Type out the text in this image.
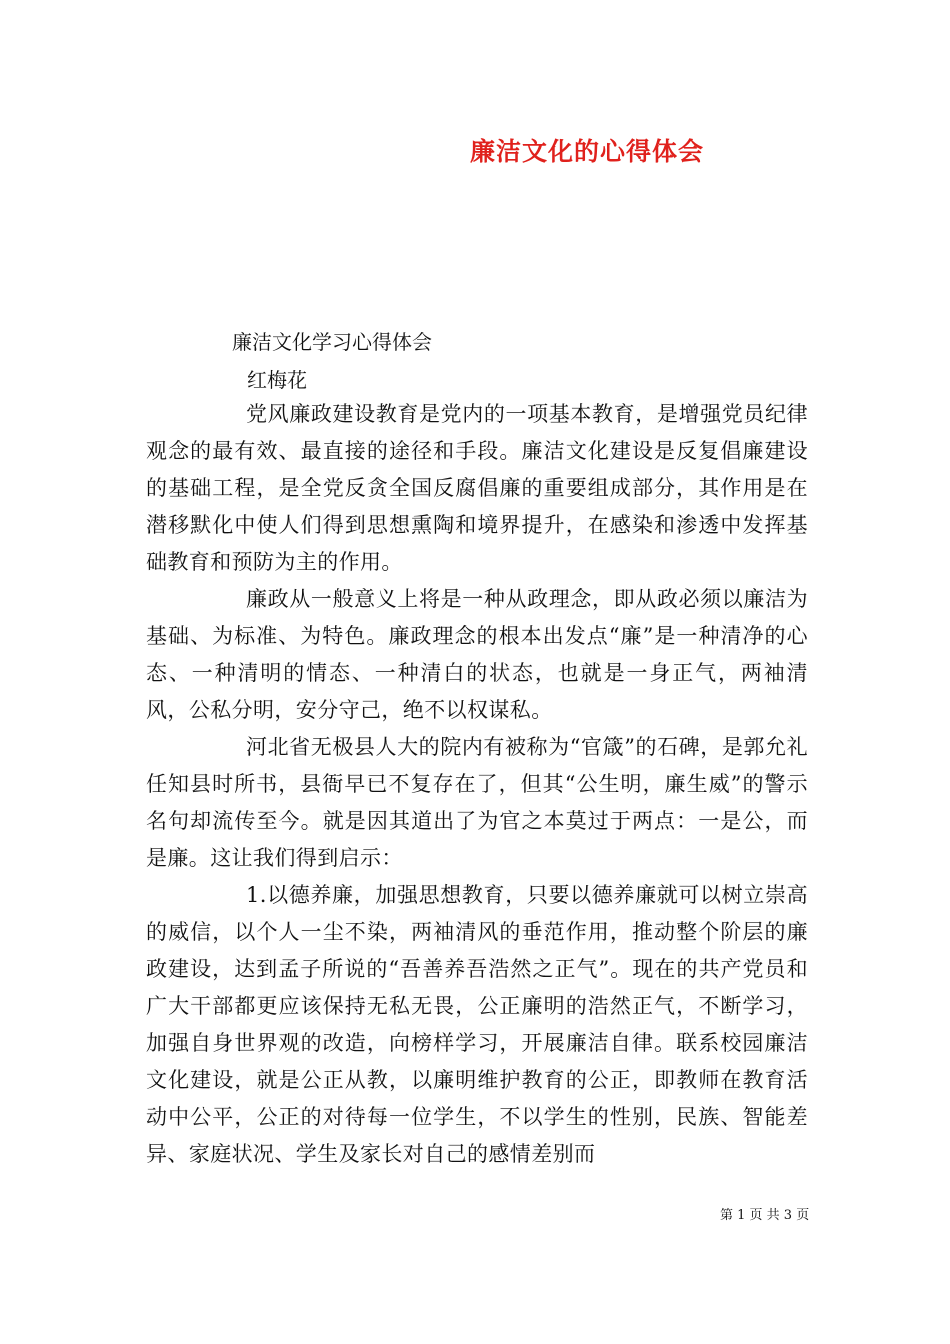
廉洁文化的心得体会
廉洁文化学习心得体会
红梅花

党风廉政建设教育是党内的一项基本教育，是增强党员纪律观念的最有效、最直接的途径和手段。廉洁文化建设是反复倡廉建设的基础工程，是全党反贪全国反腐倡廉的重要组成部分，其作用是在潜移默化中使人们得到思想熏陶和境界提升，在感染和渗透中发挥基础教育和预防为主的作用。

廉政从一般意义上将是一种从政理念，即从政必须以廉洁为基础、为标准、为特色。廉政理念的根本出发点“廉”是一种清净的心态、一种清明的情态、一种清白的状态，也就是一身正气，两袖清风，公私分明，安分守己，绝不以权谋私。

河北省无极县人大的院内有被称为“官箴”的石碑，是郭允礼任知县时所书，县衙早已不复存在了，但其“公生明，廉生威”的警示名句却流传至今。就是因其道出了为官之本莫过于两点：一是公，而是廉。这让我们得到启示：

1.以德养廉，加强思想教育，只要以德养廉就可以树立崇高的威信，以个人一尘不染，两袖清风的垂范作用，推动整个阶层的廉政建设，达到孟子所说的“吾善养吾浩然之正气”。现在的共产党员和广大干部都更应该保持无私无畏，公正廉明的浩然正气，不断学习，加强自身世界观的改造，向榜样学习，开展廉洁自律。联系校园廉洁文化建设，就是公正从教，以廉明维护教育的公正，即教师在教育活动中公平，公正的对待每一位学生，不以学生的性别，民族、智能差异、家庭状况、学生及家长对自己的感情差别而

第 1 页 共 3 页
